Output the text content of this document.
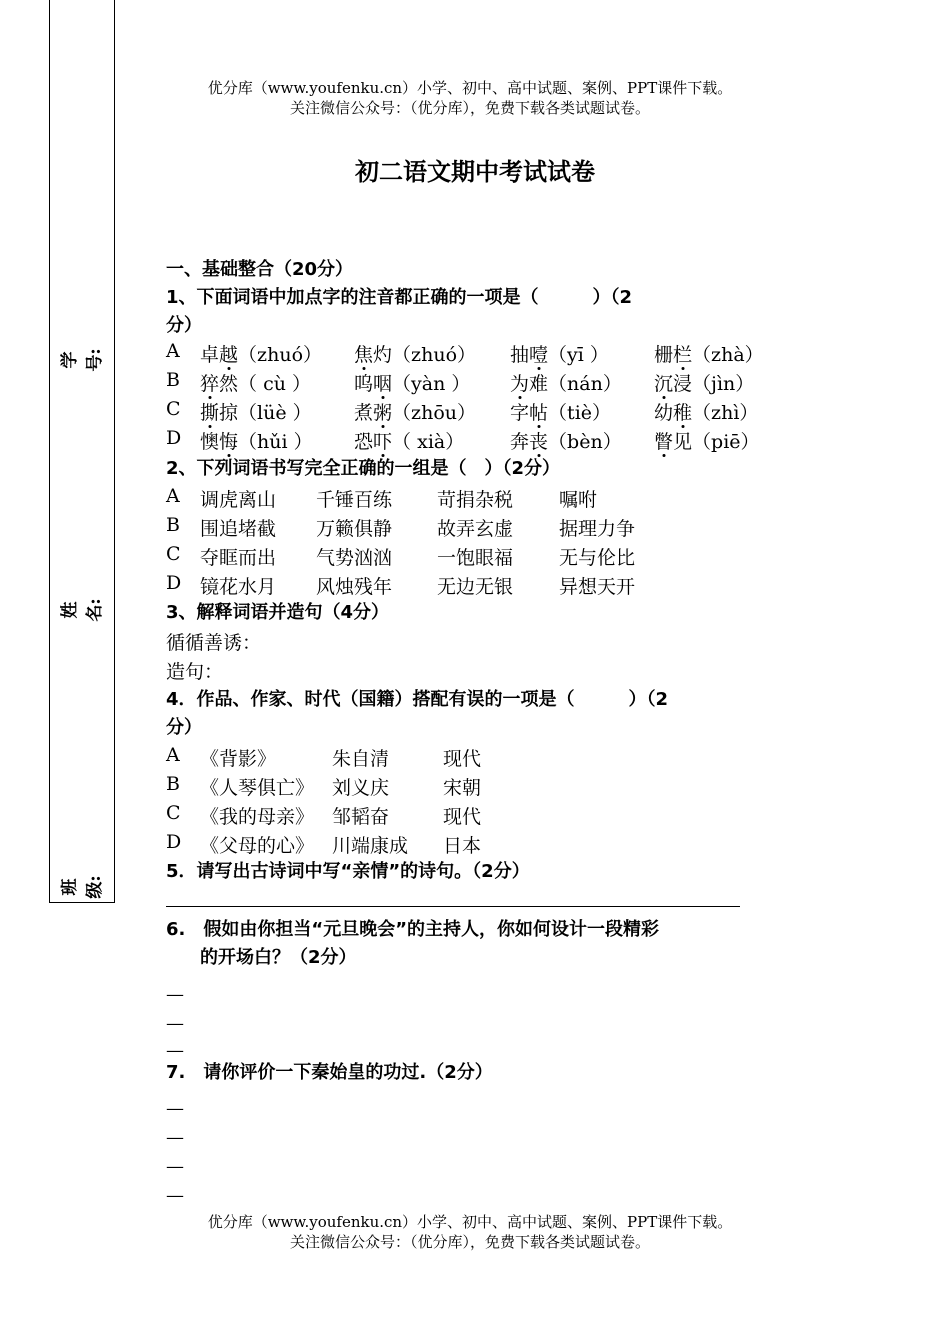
学号:
姓名:
班级:
优分库（www.youfenku.cn）小学、初中、高中试题、案例、PPT课件下载。
关注微信公众号：（优分库），免费下载各类试题试卷。
初二语文期中考试试卷
一、基础整合（20分）
1、下面词语中加点字的注音都正确的一项是（　　　）（2
分）
A 卓越（zhuó） 焦灼（zhuó） 抽噎（yī ） 栅栏（zhà）
B 猝然（ cù ） 呜咽（yàn ） 为难（nán） 沉浸（jìn）
C 撕掠（lüè ） 煮粥（zhōu） 字帖（tiè） 幼稚（zhì）
D 懊悔（hǔi ） 恐吓（ xià） 奔丧（bèn） 瞥见（piē）
2、下列词语书写完全正确的一组是（　）（2分）
A 调虎离山 千锤百练 苛捐杂税 嘱咐
B 围追堵截 万籁俱静 故弄玄虚 据理力争
C 夺眶而出 气势汹汹 一饱眼福 无与伦比
D 镜花水月 风烛残年 无边无银 异想天开
3、解释词语并造句（4分）
循循善诱：
造句：
4．作品、作家、时代（国籍）搭配有误的一项是（　　　）（2
分）
A 《背影》	朱自清	现代
B 《人琴俱亡》 刘义庆	宋朝
C 《我的母亲》 邹韬奋	现代
D 《父母的心》 川端康成 日本
5．请写出古诗词中写“亲情”的诗句。（2分）
6.　假如由你担当“元旦晚会”的主持人，你如何设计一段精彩
的开场白？（2分）
—
—
—
7.　请你评价一下秦始皇的功过.（2分）
—
—
—
—
优分库（www.youfenku.cn）小学、初中、高中试题、案例、PPT课件下载。
关注微信公众号：（优分库），免费下载各类试题试卷。
